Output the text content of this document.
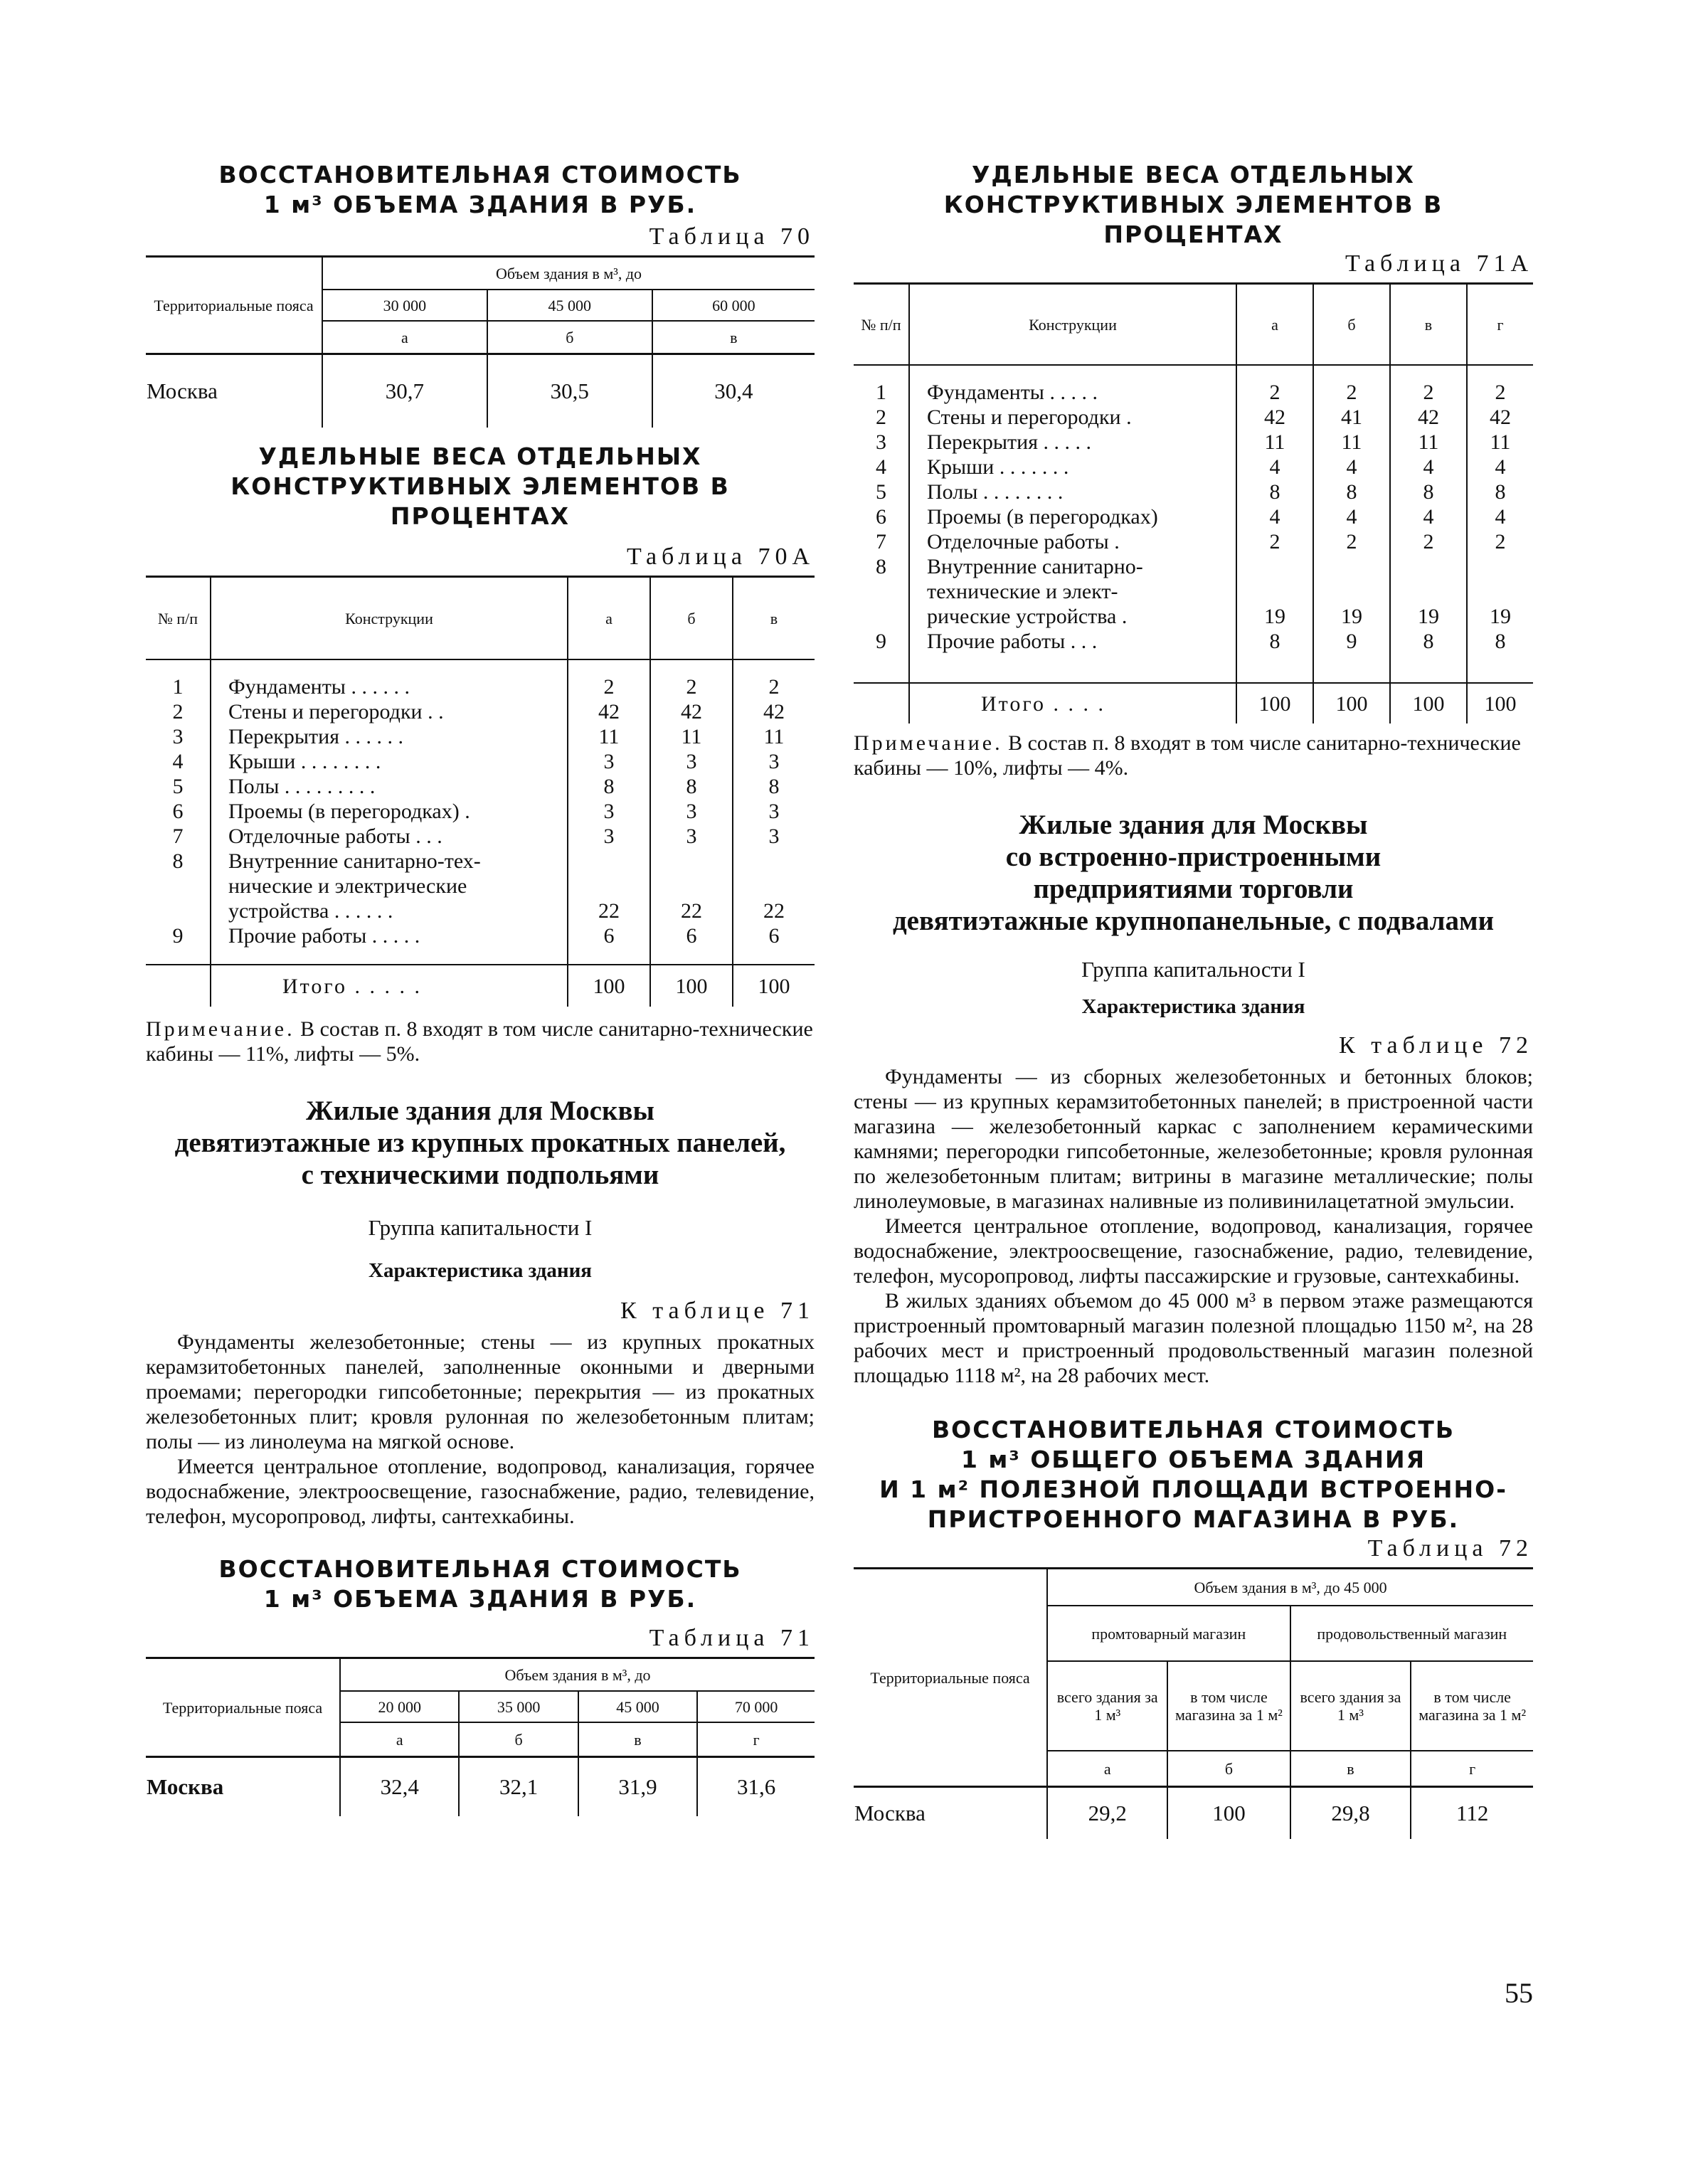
ВОССТАНОВИТЕЛЬНАЯ СТОИМОСТЬ

1 м³ ОБЪЕМА ЗДАНИЯ В РУБ.

Таблица 70

Территориальные пояса	Объем здания в м³, до		
	30 000	45 000	60 000
	а	б	в
Москва	30,7	30,5	30,4

УДЕЛЬНЫЕ ВЕСА ОТДЕЛЬНЫХ

КОНСТРУКТИВНЫХ ЭЛЕМЕНТОВ В ПРОЦЕНТАХ

Таблица 70А

№ п/п	Конструкции	а	б	в
1	Фундаменты . . . . . .	2	2	2
2	Стены и перегородки . .	42	42	42
3	Перекрытия . . . . . .	11	11	11
4	Крыши . . . . . . . .	3	3	3
5	Полы . . . . . . . . .	8	8	8
6	Проемы (в перегородках) .	3	3	3
7	Отделочные работы . . .	3	3	3
8	Внутренние санитарно-тех-			
	нические и электрические			
	устройства . . . . . .	22	22	22
9	Прочие работы . . . . .	6	6	6

	Итого . . . . .	100	100	100

Примечание. В состав п. 8 входят в том числе санитарно-технические кабины — 11%, лифты — 5%.

Жилые здания для Москвы

девятиэтажные из крупных прокатных панелей,

с техническими подпольями

Группа капитальности I

Характеристика здания

К таблице 71

Фундаменты железобетонные; стены — из крупных прокатных керамзитобетонных панелей, заполненные оконными и дверными проемами; перегородки гипсобетонные; перекрытия — из прокатных железобетонных плит; кровля рулонная по железобетонным плитам; полы — из линолеума на мягкой основе.

Имеется центральное отопление, водопровод, канализация, горячее водоснабжение, электроосвещение, газоснабжение, радио, телевидение, телефон, мусоропровод, лифты, сантехкабины.

ВОССТАНОВИТЕЛЬНАЯ СТОИМОСТЬ

1 м³ ОБЪЕМА ЗДАНИЯ В РУБ.

Таблица 71

Территориальные пояса	Объем здания в м³, до			
	20 000	35 000	45 000	70 000
	а	б	в	г
Москва	32,4	32,1	31,9	31,6

УДЕЛЬНЫЕ ВЕСА ОТДЕЛЬНЫХ

КОНСТРУКТИВНЫХ ЭЛЕМЕНТОВ В ПРОЦЕНТАХ

Таблица 71А

№ п/п	Конструкции	а	б	в	г
1	Фундаменты . . . . .	2	2	2	2
2	Стены и перегородки .	42	41	42	42
3	Перекрытия . . . . .	11	11	11	11
4	Крыши . . . . . . .	4	4	4	4
5	Полы . . . . . . . .	8	8	8	8
6	Проемы (в перегородках)	4	4	4	4
7	Отделочные работы .	2	2	2	2
8	Внутренние санитарно-				
	технические и элект-				
	рические устройства .	19	19	19	19
9	Прочие работы . . .	8	9	8	8

	Итого . . . .	100	100	100	100

Примечание. В состав п. 8 входят в том числе санитарно-технические кабины — 10%, лифты — 4%.

Жилые здания для Москвы

со встроенно-пристроенными

предприятиями торговли

девятиэтажные крупнопанельные, с подвалами

Группа капитальности I

Характеристика здания

К таблице 72

Фундаменты — из сборных железобетонных и бетонных блоков; стены — из крупных керамзитобетонных панелей; в пристроенной части магазина — железобетонный каркас с заполнением керамическими камнями; перегородки гипсобетонные, железобетонные; кровля рулонная по железобетонным плитам; витрины в магазине металлические; полы линолеумовые, в магазинах наливные из поливинилацетатной эмульсии.

Имеется центральное отопление, водопровод, канализация, горячее водоснабжение, электроосвещение, газоснабжение, радио, телевидение, телефон, мусоропровод, лифты пассажирские и грузовые, сантехкабины.

В жилых зданиях объемом до 45 000 м³ в первом этаже размещаются пристроенный промтоварный магазин полезной площадью 1150 м², на 28 рабочих мест и пристроенный продовольственный магазин полезной площадью 1118 м², на 28 рабочих мест.

ВОССТАНОВИТЕЛЬНАЯ СТОИМОСТЬ

1 м³ ОБЩЕГО ОБЪЕМА ЗДАНИЯ

И 1 м² ПОЛЕЗНОЙ ПЛОЩАДИ ВСТРОЕННО-

ПРИСТРОЕННОГО МАГАЗИНА В РУБ.

Таблица 72

Территориальные пояса	Объем здания в м³, до 45 000			
	промтоварный магазин		продовольственный магазин	
	всего здания за 1 м³	в том числе магазина за 1 м²	всего здания за 1 м³	в том числе магазина за 1 м²
	а	б	в	г
Москва	29,2	100	29,8	112
55
